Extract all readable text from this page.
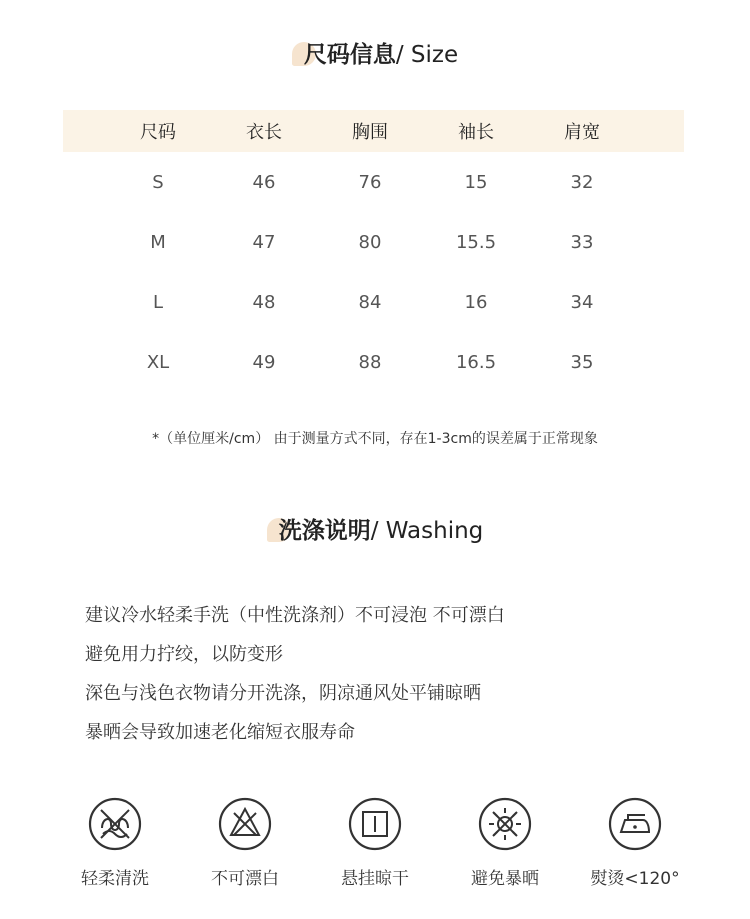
尺码信息/ Size
尺码	衣长	胸围	袖长	肩宽
S	46	76	15	32
M	47	80	15.5	33
L	48	84	16	34
XL	49	88	16.5	35
*（单位厘米/cm） 由于测量方式不同，存在1-3cm的误差属于正常现象
洗涤说明/ Washing
建议冷水轻柔手洗（中性洗涤剂）不可浸泡 不可漂白
避免用力拧绞，以防变形
深色与浅色衣物请分开洗涤，阴凉通风处平铺晾晒
暴晒会导致加速老化缩短衣服寿命
轻柔清洗	不可漂白	悬挂晾干	避免暴晒	熨烫<120°
